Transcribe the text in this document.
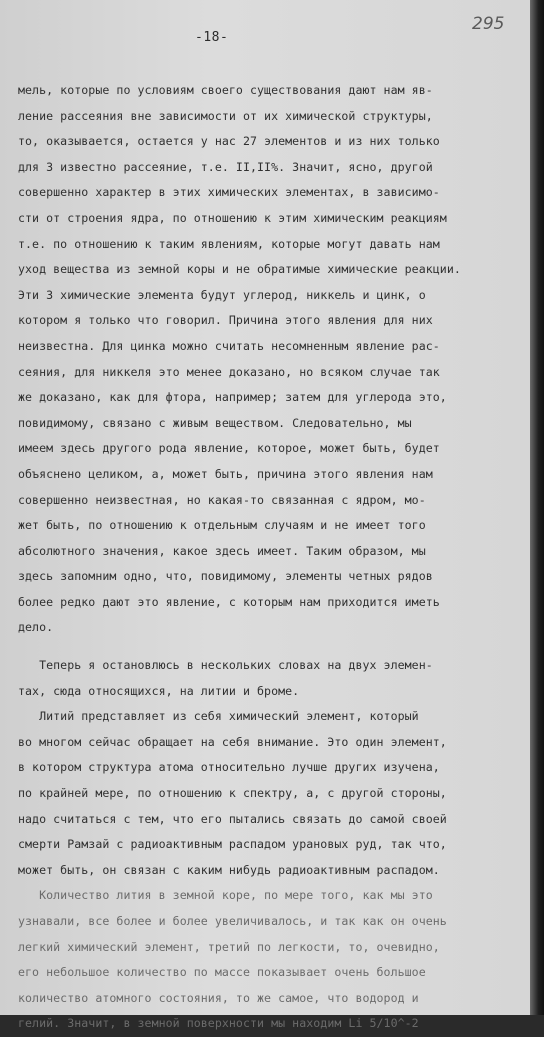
-18-
295
мель, которые по условиям своего существования дают нам яв-
ление рассеяния вне зависимости от их химической структуры,
то, оказывается, остается у нас 27 элементов и из них только
для 3 известно рассеяние, т.е. II,II%. Значит, ясно, другой
совершенно характер в этих химических элементах, в зависимо-
сти от строения ядра, по отношению к этим химическим реакциям
т.е. по отношению к таким явлениям, которые могут давать нам
уход вещества из земной коры и не обратимые химические реакции.
Эти 3 химические элемента будут углерод, никкель и цинк, о
котором я только что говорил. Причина этого явления для них
неизвестна. Для цинка можно считать несомненным явление рас-
сеяния, для никкеля это менее доказано, но всяком случае так
же доказано, как для фтора, например; затем для углерода это,
повидимому, связано с живым веществом. Следовательно, мы
имеем здесь другого рода явление, которое, может быть, будет
объяснено целиком, а, может быть, причина этого явления нам
совершенно неизвестная, но какая-то связанная с ядром, мо-
жет быть, по отношению к отдельным случаям и не имеет того
абсолютного значения, какое здесь имеет. Таким образом, мы
здесь запомним одно, что, повидимому, элементы четных рядов
более редко дают это явление, с которым нам приходится иметь
дело.
Теперь я остановлюсь в нескольких словах на двух элемен-
тах, сюда относящихся, на литии и броме.
Литий представляет из себя химический элемент, который
во многом сейчас обращает на себя внимание. Это один элемент,
в котором структура атома относительно лучше других изучена,
по крайней мере, по отношению к спектру, а, с другой стороны,
надо считаться с тем, что его пытались связать до самой своей
смерти Рамзай с радиоактивным распадом урановых руд, так что,
может быть, он связан с каким нибудь радиоактивным распадом.
Количество лития в земной коре, по мере того, как мы это
узнавали, все более и более увеличивалось, и так как он очень
легкий химический элемент, третий по легкости, то, очевидно,
его небольшое количество по массе показывает очень большое
количество атомного состояния, то же самое, что водород и
гелий. Значит, в земной поверхности мы находим Li 5/10^-2
